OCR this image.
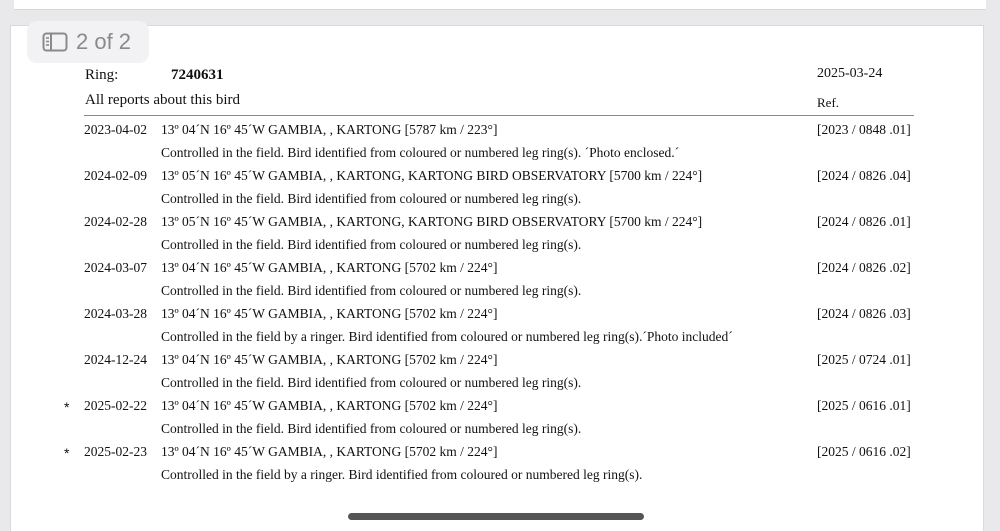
2 of 2
Ring:	7240631	2025-03-24
All reports about this bird	Ref.
2023-04-02 13º 04´N 16º 45´W GAMBIA, , KARTONG [5787 km / 223°]	[2023 / 0848 .01]
Controlled in the field. Bird identified from coloured or numbered leg ring(s). ´Photo enclosed.´
2024-02-09 13º 05´N 16º 45´W GAMBIA, , KARTONG, KARTONG BIRD OBSERVATORY [5700 km / 224°]	[2024 / 0826 .04]
Controlled in the field. Bird identified from coloured or numbered leg ring(s).
2024-02-28 13º 05´N 16º 45´W GAMBIA, , KARTONG, KARTONG BIRD OBSERVATORY [5700 km / 224°]	[2024 / 0826 .01]
Controlled in the field. Bird identified from coloured or numbered leg ring(s).
2024-03-07 13º 04´N 16º 45´W GAMBIA, , KARTONG [5702 km / 224°]	[2024 / 0826 .02]
Controlled in the field. Bird identified from coloured or numbered leg ring(s).
2024-03-28 13º 04´N 16º 45´W GAMBIA, , KARTONG [5702 km / 224°]	[2024 / 0826 .03]
Controlled in the field by a ringer. Bird identified from coloured or numbered leg ring(s).´Photo included´
2024-12-24 13º 04´N 16º 45´W GAMBIA, , KARTONG [5702 km / 224°]	[2025 / 0724 .01]
Controlled in the field. Bird identified from coloured or numbered leg ring(s).
* 2025-02-22 13º 04´N 16º 45´W GAMBIA, , KARTONG [5702 km / 224°]	[2025 / 0616 .01]
Controlled in the field. Bird identified from coloured or numbered leg ring(s).
* 2025-02-23 13º 04´N 16º 45´W GAMBIA, , KARTONG [5702 km / 224°]	[2025 / 0616 .02]
Controlled in the field by a ringer. Bird identified from coloured or numbered leg ring(s).
